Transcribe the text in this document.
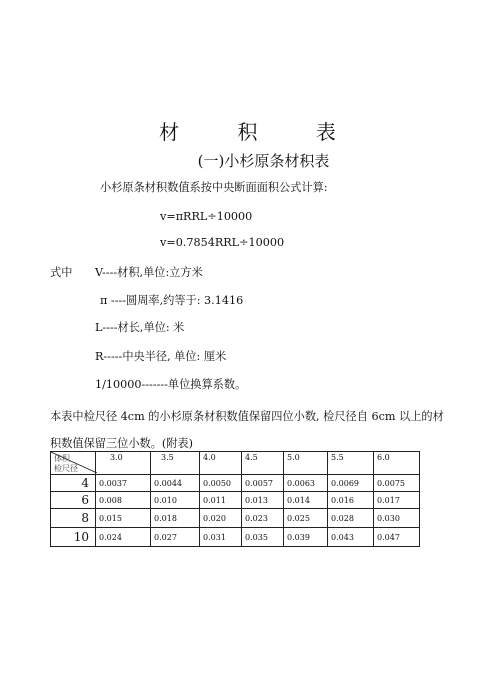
材 积 表
(一)小杉原条材积表
小杉原条材积数值系按中央断面面积公式计算:
v=πRRL÷10000
v=0.7854RRL÷10000
式中 V----材积,单位:立方米
π ----圆周率,约等于: 3.1416
L----材长,单位: 米
R-----中央半径, 单位: 厘米
1/10000-------单位换算系数。
本表中检尺径 4cm 的小杉原条材积数值保留四位小数, 检尺径自 6cm 以上的材积数值保留三位小数。(附表)
体积
检尺径	3.0	3.5	4.0	4.5	5.0	5.5	6.0
4	0.0037	0.0044	0.0050	0.0057	0.0063	0.0069	0.0075
6	0.008	0.010	0.011	0.013	0.014	0.016	0.017
8	0.015	0.018	0.020	0.023	0.025	0.028	0.030
10	0.024	0.027	0.031	0.035	0.039	0.043	0.047
